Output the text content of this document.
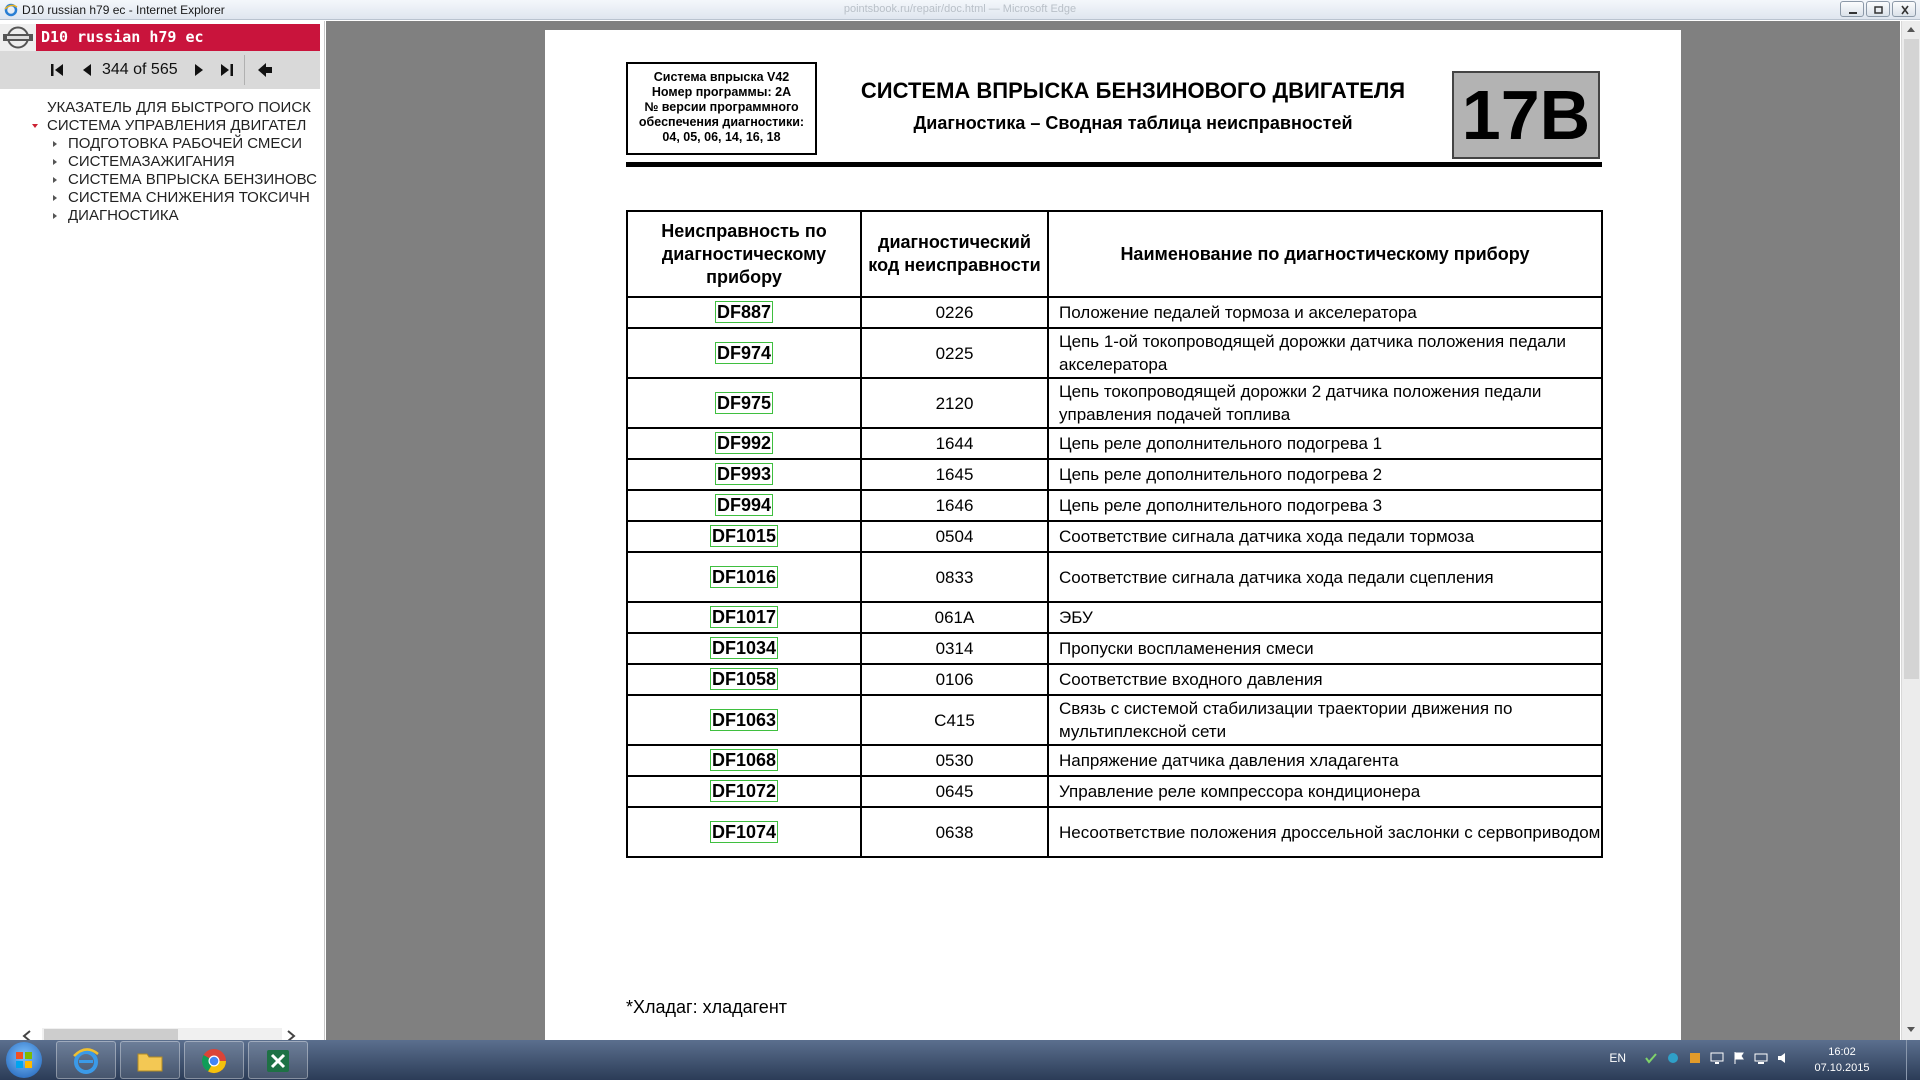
D10 russian h79 ec - Internet Explorer	pointsbook.ru/repair/doc.html — Microsoft Edge
D10 russian h79 ec
344 of 565
УКАЗАТЕЛЬ ДЛЯ БЫСТРОГО ПОИСК
СИСТЕМА УПРАВЛЕНИЯ ДВИГАТЕЛ
ПОДГОТОВКА РАБОЧЕЙ СМЕСИ
СИСТЕМАЗАЖИГАНИЯ
СИСТЕМА ВПРЫСКА БЕНЗИНОВС
СИСТЕМА СНИЖЕНИЯ ТОКСИЧН
ДИАГНОСТИКА
Система впрыска V42
Номер программы: 2А
№ версии программного
обеспечения диагностики:
04, 05, 06, 14, 16, 18
СИСТЕМА ВПРЫСКА БЕНЗИНОВОГО ДВИГАТЕЛЯ
Диагностика – Сводная таблица неисправностей	17B
Неисправность по диагностическому прибору	диагностический код неисправности	Наименование по диагностическому прибору
DF887	0226	Положение педалей тормоза и акселератора
DF974	0225	Цепь 1-ой токопроводящей дорожки датчика положения педали акселератора
DF975	2120	Цепь токопроводящей дорожки 2 датчика положения педали управления подачей топлива
DF992	1644	Цепь реле дополнительного подогрева 1
DF993	1645	Цепь реле дополнительного подогрева 2
DF994	1646	Цепь реле дополнительного подогрева 3
DF1015	0504	Соответствие сигнала датчика хода педали тормоза
DF1016	0833	Соответствие сигнала датчика хода педали сцепления
DF1017	061A	ЭБУ
DF1034	0314	Пропуски воспламенения смеси
DF1058	0106	Соответствие входного давления
DF1063	C415	Связь с системой стабилизации траектории движения по мультиплексной сети
DF1068	0530	Напряжение датчика давления хладагента
DF1072	0645	Управление реле компрессора кондиционера
DF1074	0638	Несоответствие положения дроссельной заслонки с сервоприводом
*Хладаг: хладагент
EN	16:02
07.10.2015
